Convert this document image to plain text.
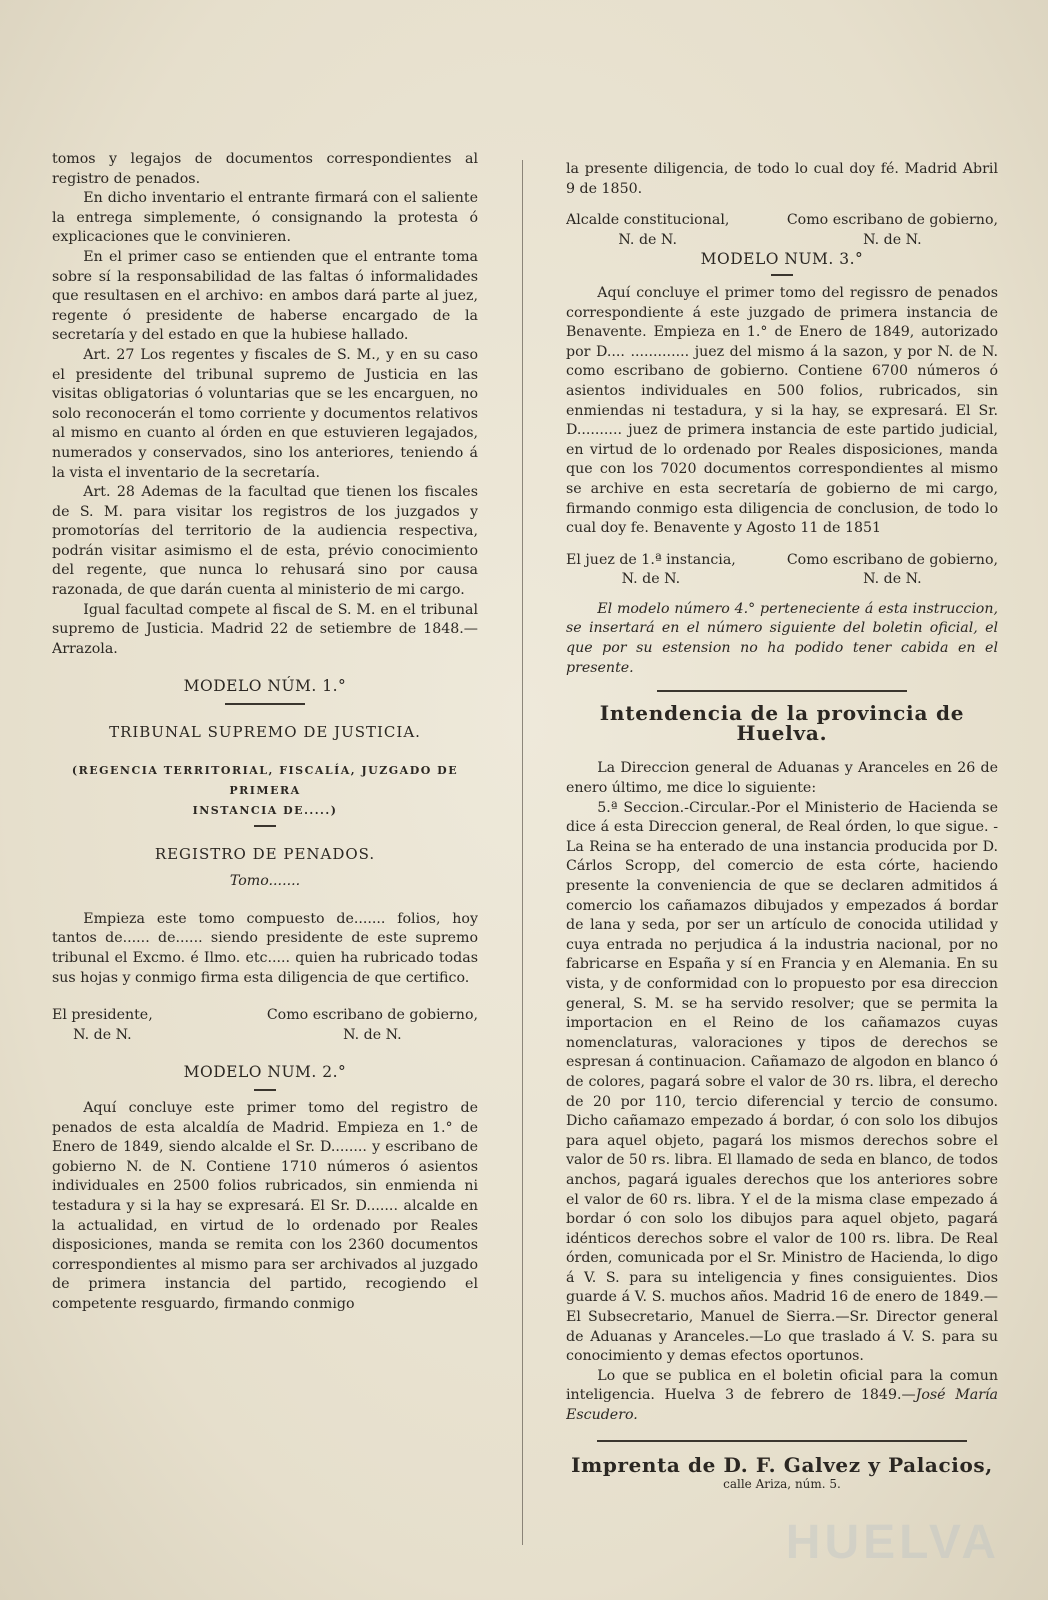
tomos y legajos de documentos correspondientes al registro de penados.

En dicho inventario el entrante firmará con el saliente la entrega simplemente, ó consignando la protesta ó explicaciones que le convinieren.

En el primer caso se entienden que el entrante toma sobre sí la responsabilidad de las faltas ó informalidades que resultasen en el archivo: en ambos dará parte al juez, regente ó presidente de haberse encargado de la secretaría y del estado en que la hubiese hallado.

Art. 27 Los regentes y fiscales de S. M., y en su caso el presidente del tribunal supremo de Justicia en las visitas obligatorias ó voluntarias que se les encarguen, no solo reconocerán el tomo corriente y documentos relativos al mismo en cuanto al órden en que estuvieren legajados, numerados y conservados, sino los anteriores, teniendo á la vista el inventario de la secretaría.

Art. 28 Ademas de la facultad que tienen los fiscales de S. M. para visitar los registros de los juzgados y promotorías del territorio de la audiencia respectiva, podrán visitar asimismo el de esta, prévio conocimiento del regente, que nunca lo rehusará sino por causa razonada, de que darán cuenta al ministerio de mi cargo.

Igual facultad compete al fiscal de S. M. en el tribunal supremo de Justicia. Madrid 22 de setiembre de 1848.—Arrazola.

MODELO NÚM. 1.°
TRIBUNAL SUPREMO DE JUSTICIA.
(REGENCIA TERRITORIAL, FISCALÍA, JUZGADO DE PRIMERA
INSTANCIA DE.....)
REGISTRO DE PENADOS.
Tomo.......

Empieza este tomo compuesto de....... folios, hoy tantos de...... de...... siendo presidente de este supremo tribunal el Excmo. é Ilmo. etc..... quien ha rubricado todas sus hojas y conmigo firma esta diligencia de que certifico.

El presidente,
N. de N.
Como escribano de gobierno,
N. de N.
MODELO NUM. 2.°

Aquí concluye este primer tomo del registro de penados de esta alcaldía de Madrid. Empieza en 1.° de Enero de 1849, siendo alcalde el Sr. D........ y escribano de gobierno N. de N. Contiene 1710 números ó asientos individuales en 2500 folios rubricados, sin enmienda ni testadura y si la hay se expresará. El Sr. D....... alcalde en la actualidad, en virtud de lo ordenado por Reales disposiciones, manda se remita con los 2360 documentos correspondientes al mismo para ser archivados al juzgado de primera instancia del partido, recogiendo el competente resguardo, firmando conmigo

la presente diligencia, de todo lo cual doy fé. Madrid Abril 9 de 1850.

Alcalde constitucional,
N. de N.
Como escribano de gobierno,
N. de N.
MODELO NUM. 3.°

Aquí concluye el primer tomo del regissro de penados correspondiente á este juzgado de primera instancia de Benavente. Empieza en 1.° de Enero de 1849, autorizado por D.... ............. juez del mismo á la sazon, y por N. de N. como escribano de gobierno. Contiene 6700 números ó asientos individuales en 500 folios, rubricados, sin enmiendas ni testadura, y si la hay, se expresará. El Sr. D.......... juez de primera instancia de este partido judicial, en virtud de lo ordenado por Reales disposiciones, manda que con los 7020 documentos correspondientes al mismo se archive en esta secretaría de gobierno de mi cargo, firmando conmigo esta diligencia de conclusion, de todo lo cual doy fe. Benavente y Agosto 11 de 1851

El juez de 1.ª instancia,
N. de N.
Como escribano de gobierno,
N. de N.

El modelo número 4.° perteneciente á esta instruccion, se insertará en el número siguiente del boletin oficial, el que por su estension no ha podido tener cabida en el presente.

Intendencia de la provincia de Huelva.

La Direccion general de Aduanas y Aranceles en 26 de enero último, me dice lo siguiente:

5.ª Seccion.-Circular.-Por el Ministerio de Hacienda se dice á esta Direccion general, de Real órden, lo que sigue. -La Reina se ha enterado de una instancia producida por D. Cárlos Scropp, del comercio de esta córte, haciendo presente la conveniencia de que se declaren admitidos á comercio los cañamazos dibujados y empezados á bordar de lana y seda, por ser un artículo de conocida utilidad y cuya entrada no perjudica á la industria nacional, por no fabricarse en España y sí en Francia y en Alemania. En su vista, y de conformidad con lo propuesto por esa direccion general, S. M. se ha servido resolver; que se permita la importacion en el Reino de los cañamazos cuyas nomenclaturas, valoraciones y tipos de derechos se espresan á continuacion. Cañamazo de algodon en blanco ó de colores, pagará sobre el valor de 30 rs. libra, el derecho de 20 por 110, tercio diferencial y tercio de consumo. Dicho cañamazo empezado á bordar, ó con solo los dibujos para aquel objeto, pagará los mismos derechos sobre el valor de 50 rs. libra. El llamado de seda en blanco, de todos anchos, pagará iguales derechos que los anteriores sobre el valor de 60 rs. libra. Y el de la misma clase empezado á bordar ó con solo los dibujos para aquel objeto, pagará idénticos derechos sobre el valor de 100 rs. libra. De Real órden, comunicada por el Sr. Ministro de Hacienda, lo digo á V. S. para su inteligencia y fines consiguientes. Dios guarde á V. S. muchos años. Madrid 16 de enero de 1849.—El Subsecretario, Manuel de Sierra.—Sr. Director general de Aduanas y Aranceles.—Lo que traslado á V. S. para su conocimiento y demas efectos oportunos.

Lo que se publica en el boletin oficial para la comun inteligencia. Huelva 3 de febrero de 1849.—José María Escudero.

Imprenta de D. F. Galvez y Palacios,
calle Ariza, núm. 5.
HUELVA
